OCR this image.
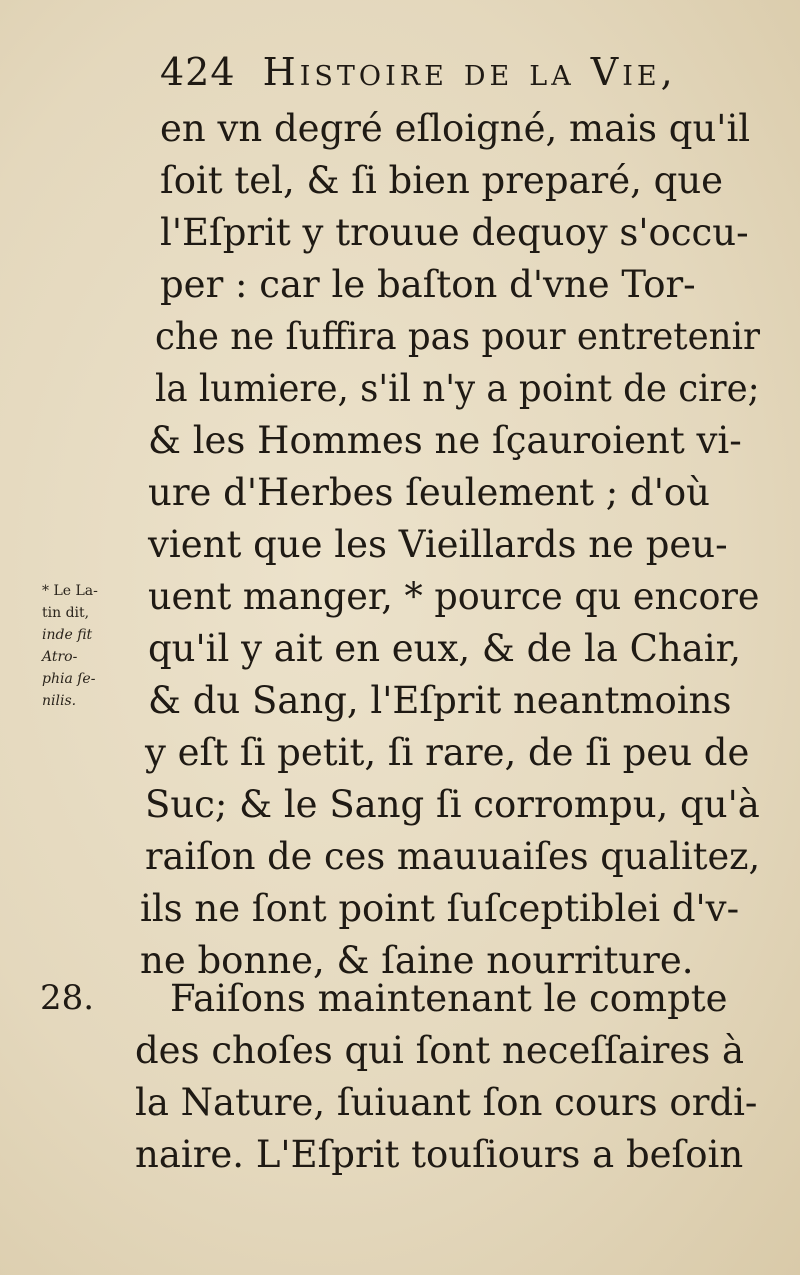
424 Histoire de la Vie,
en vn degré eſloigné, mais qu'il
ſoit tel, & ſi bien preparé, que
l'Eſprit y trouue dequoy s'occu-
per : car le baſton d'vne Tor-
che ne ſuffira pas pour entretenir
la lumiere, s'il n'y a point de cire;
& les Hommes ne ſçauroient vi-
ure d'Herbes ſeulement ; d'où
vient que les Vieillards ne peu-
uent manger, * pource qu encore
qu'il y ait en eux, & de la Chair,
& du Sang, l'Eſprit neantmoins
y eſt ſi petit, ſi rare, de ſi peu de
Suc; & le Sang ſi corrompu, qu'à
raiſon de ces mauuaiſes qualitez,
ils ne ſont point ſuſceptiblei d'v-
ne bonne, & ſaine nourriture.
Faiſons maintenant le compte
des choſes qui ſont neceſſaires à
la Nature, ſuiuant ſon cours ordi-
naire. L'Eſprit touſiours a beſoin
* Le La-
tin dit,
inde fit
Atro-
phia ſe-
nilis.
28.
